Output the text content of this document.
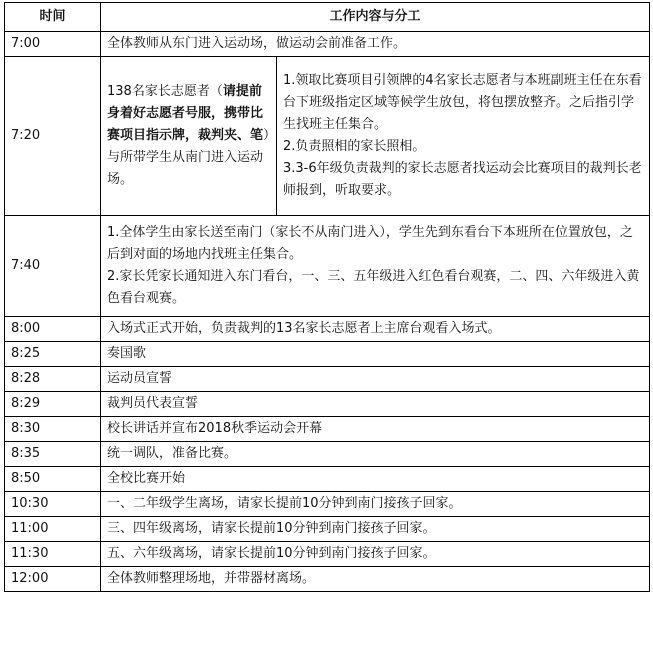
时间	工作内容与分工	
7:00	全体教师从东门进入运动场，做运动会前准备工作。	
7:20	138名家长志愿者（请提前身着好志愿者号服，携带比赛项目指示牌，裁判夹、笔）与所带学生从南门进入运动场。	1.领取比赛项目引领牌的4名家长志愿者与本班副班主任在东看台下班级指定区域等候学生放包，将包摆放整齐。之后指引学生找班主任集合。
2.负责照相的家长照相。
3.3-6年级负责裁判的家长志愿者找运动会比赛项目的裁判长老师报到，听取要求。

7:40	1.全体学生由家长送至南门（家长不从南门进入），学生先到东看台下本班所在位置放包，之后到对面的场地内找班主任集合。
2.家长凭家长通知进入东门看台，一、三、五年级进入红色看台观赛，二、四、六年级进入黄色看台观赛。	

8:00	入场式正式开始，负责裁判的13名家长志愿者上主席台观看入场式。	
8:25	奏国歌	
8:28	运动员宣誓	
8:29	裁判员代表宣誓	
8:30	校长讲话并宣布2018秋季运动会开幕	
8:35	统一调队，准备比赛。	
8:50	全校比赛开始	
10:30	一、二年级学生离场，请家长提前10分钟到南门接孩子回家。	
11:00	三、四年级离场，请家长提前10分钟到南门接孩子回家。	
11:30	五、六年级离场，请家长提前10分钟到南门接孩子回家。	
12:00	全体教师整理场地，并带器材离场。	
